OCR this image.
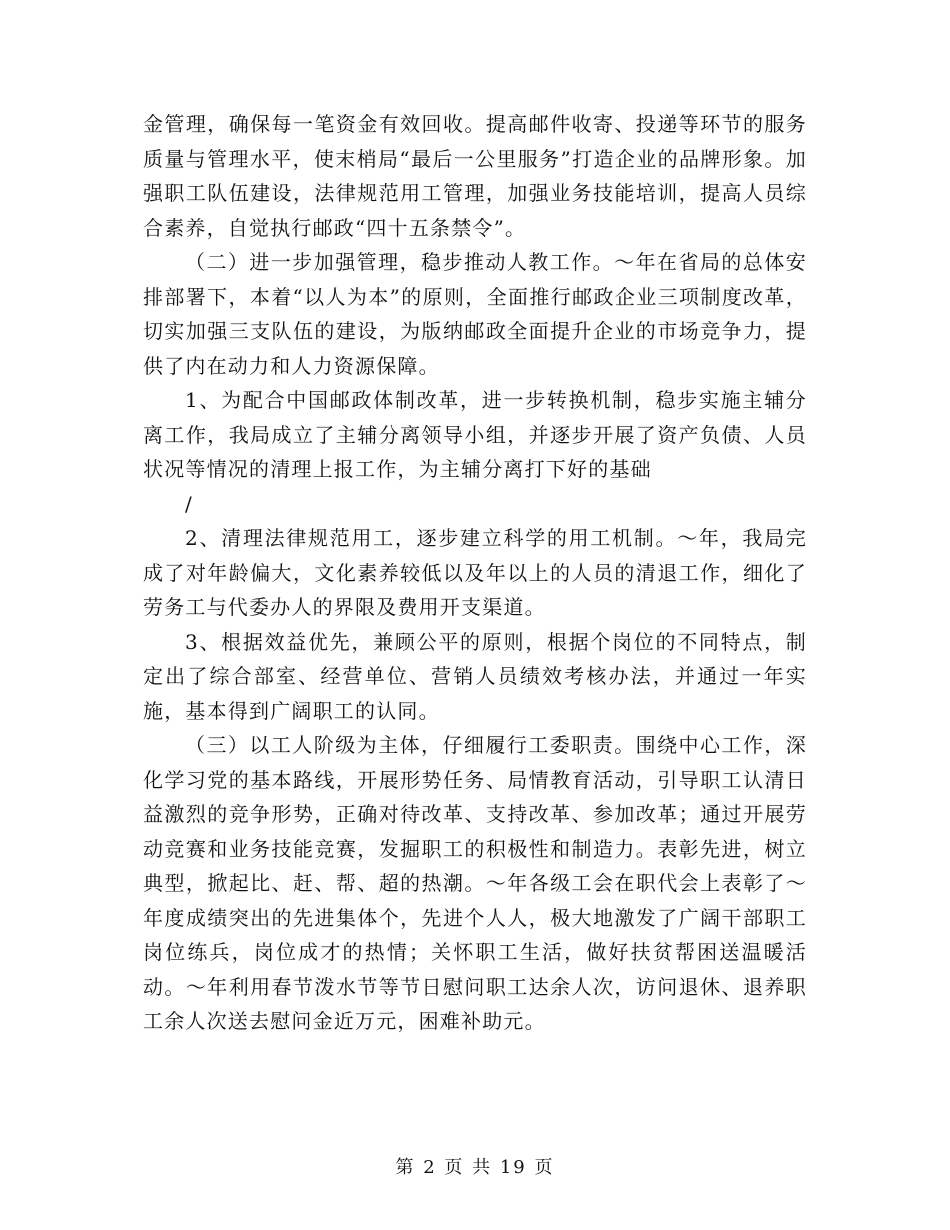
金管理，确保每一笔资金有效回收。提高邮件收寄、投递等环节的服务质量与管理水平，使末梢局“最后一公里服务”打造企业的品牌形象。加强职工队伍建设，法律规范用工管理，加强业务技能培训，提高人员综合素养，自觉执行邮政“四十五条禁令”。

（二）进一步加强管理，稳步推动人教工作。～年在省局的总体安排部署下，本着“以人为本”的原则，全面推行邮政企业三项制度改革，切实加强三支队伍的建设，为版纳邮政全面提升企业的市场竞争力，提供了内在动力和人力资源保障。

1、为配合中国邮政体制改革，进一步转换机制，稳步实施主辅分离工作，我局成立了主辅分离领导小组，并逐步开展了资产负债、人员状况等情况的清理上报工作，为主辅分离打下好的基础

/

2、清理法律规范用工，逐步建立科学的用工机制。～年，我局完成了对年龄偏大，文化素养较低以及年以上的人员的清退工作，细化了劳务工与代委办人的界限及费用开支渠道。

3、根据效益优先，兼顾公平的原则，根据个岗位的不同特点，制定出了综合部室、经营单位、营销人员绩效考核办法，并通过一年实施，基本得到广阔职工的认同。

（三）以工人阶级为主体，仔细履行工委职责。围绕中心工作，深化学习党的基本路线，开展形势任务、局情教育活动，引导职工认清日益激烈的竞争形势，正确对待改革、支持改革、参加改革；通过开展劳动竞赛和业务技能竞赛，发掘职工的积极性和制造力。表彰先进，树立典型，掀起比、赶、帮、超的热潮。～年各级工会在职代会上表彰了～年度成绩突出的先进集体个，先进个人人，极大地激发了广阔干部职工岗位练兵，岗位成才的热情；关怀职工生活，做好扶贫帮困送温暖活动。～年利用春节泼水节等节日慰问职工达余人次，访问退休、退养职工余人次送去慰问金近万元，困难补助元。

第 2 页 共 19 页
